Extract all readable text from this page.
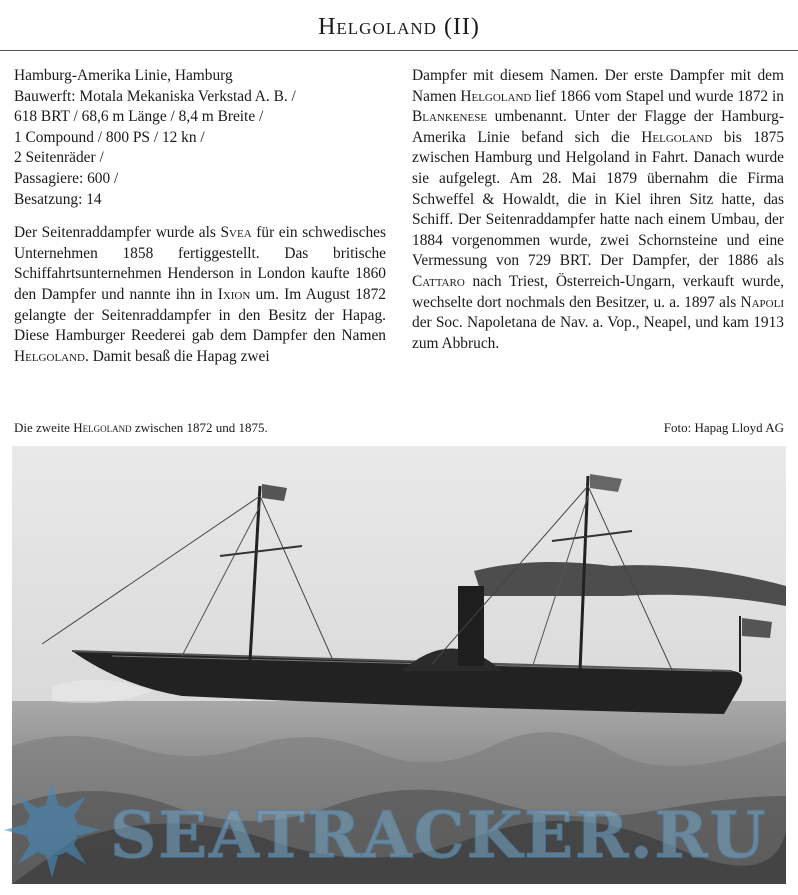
Helgoland (II)
Hamburg-Amerika Linie, Hamburg
Bauwerft: Motala Mekaniska Verkstad A. B. /
618 BRT / 68,6 m Länge / 8,4 m Breite /
1 Compound / 800 PS / 12 kn /
2 Seitenräder /
Passagiere: 600 /
Besatzung: 14
Der Seitenraddampfer wurde als Svea für ein schwedisches Unternehmen 1858 fertiggestellt. Das britische Schiffahrtsunternehmen Henderson in London kaufte 1860 den Dampfer und nannte ihn in Ixion um. Im August 1872 gelangte der Seitenraddampfer in den Besitz der Hapag. Diese Hamburger Reederei gab dem Dampfer den Namen Helgoland. Damit besaß die Hapag zwei
Dampfer mit diesem Namen. Der erste Dampfer mit dem Namen Helgoland lief 1866 vom Stapel und wurde 1872 in Blankenese umbenannt. Unter der Flagge der Hamburg-Amerika Linie befand sich die Helgoland bis 1875 zwischen Hamburg und Helgoland in Fahrt. Danach wurde sie aufgelegt. Am 28. Mai 1879 übernahm die Firma Schweffel & Howaldt, die in Kiel ihren Sitz hatte, das Schiff. Der Seitenraddampfer hatte nach einem Umbau, der 1884 vorgenommen wurde, zwei Schornsteine und eine Vermessung von 729 BRT. Der Dampfer, der 1886 als Cattaro nach Triest, Österreich-Ungarn, verkauft wurde, wechselte dort nochmals den Besitzer, u. a. 1897 als Napoli der Soc. Napoletana de Nav. a. Vop., Neapel, und kam 1913 zum Abbruch.
Die zweite Helgoland zwischen 1872 und 1875.	Foto: Hapag Lloyd AG
SEATRACKER.RU
